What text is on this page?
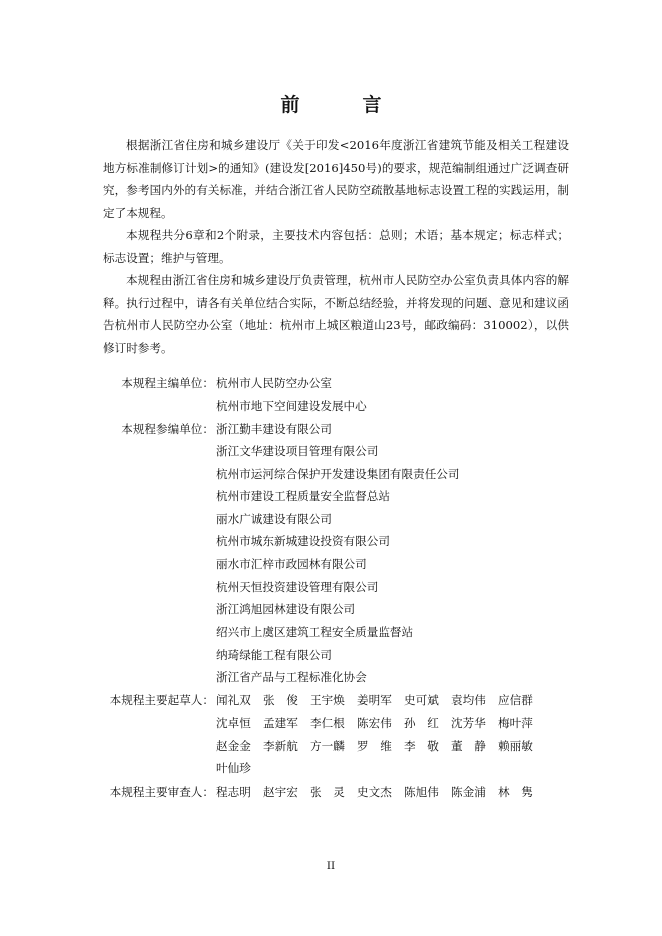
前　言

根据浙江省住房和城乡建设厅《关于印发<2016年度浙江省建筑节能及相关工程建设地方标准制修订计划>的通知》(建设发[2016]450号)的要求，规范编制组通过广泛调查研究，参考国内外的有关标准，并结合浙江省人民防空疏散基地标志设置工程的实践运用，制定了本规程。

本规程共分6章和2个附录，主要技术内容包括：总则；术语；基本规定；标志样式；标志设置；维护与管理。

本规程由浙江省住房和城乡建设厅负责管理，杭州市人民防空办公室负责具体内容的解释。执行过程中，请各有关单位结合实际，不断总结经验，并将发现的问题、意见和建议函告杭州市人民防空办公室（地址：杭州市上城区粮道山23号，邮政编码：310002），以供修订时参考。

本规程主编单位： 杭州市人民防空办公室
杭州市地下空间建设发展中心
本规程参编单位： 浙江勤丰建设有限公司
浙江文华建设项目管理有限公司
杭州市运河综合保护开发建设集团有限责任公司
杭州市建设工程质量安全监督总站
丽水广诚建设有限公司
杭州市城东新城建设投资有限公司
丽水市汇梓市政园林有限公司
杭州天恒投资建设管理有限公司
浙江鸿旭园林建设有限公司
绍兴市上虞区建筑工程安全质量监督站
纳琦绿能工程有限公司
浙江省产品与工程标准化协会
本规程主要起草人： 闻礼双	张　俊	王宇焕	姜明军	史可斌	袁均伟	应信群
沈卓恒	孟建军	李仁根	陈宏伟	孙　红	沈芳华	梅叶萍
赵金金	李新航	方一麟	罗　维	李　敬	董　静	赖丽敏
叶仙珍
本规程主要审查人： 程志明	赵宇宏	张　灵	史文杰	陈旭伟	陈金浦	林　隽
II
